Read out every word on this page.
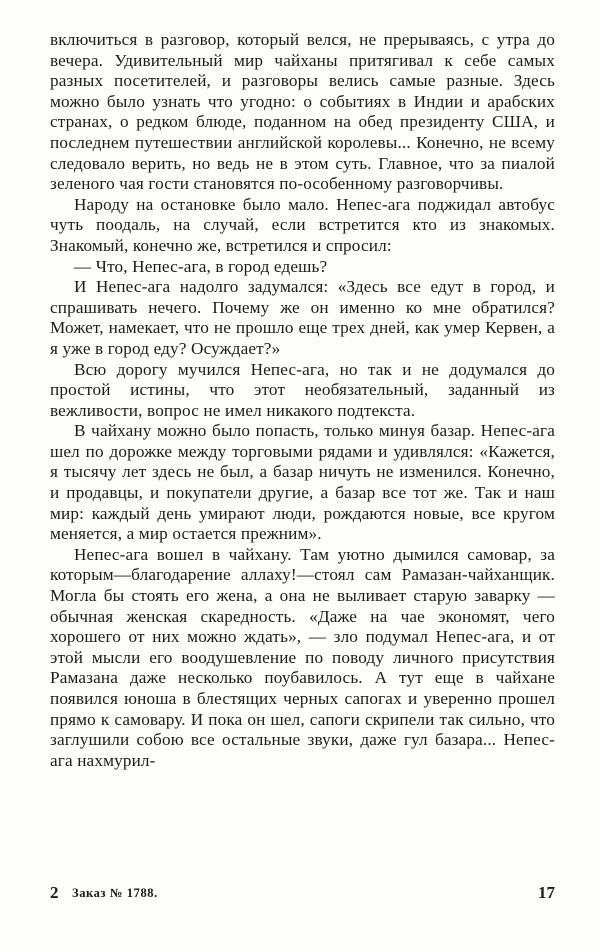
включиться в разговор, который велся, не прерываясь, с утра до вечера. Удивительный мир чайханы притягивал к себе самых разных посетителей, и разговоры велись самые разные. Здесь можно было узнать что угодно: о событиях в Индии и арабских странах, о редком блюде, поданном на обед президенту США, и последнем путешествии английской королевы... Конечно, не всему следовало верить, но ведь не в этом суть. Главное, что за пиалой зеленого чая гости становятся по-особенному разговорчивы.

Народу на остановке было мало. Непес-ага поджидал автобус чуть поодаль, на случай, если встретится кто из знакомых. Знакомый, конечно же, встретился и спросил:

— Что, Непес-ага, в город едешь?

И Непес-ага надолго задумался: «Здесь все едут в город, и спрашивать нечего. Почему же он именно ко мне обратился? Может, намекает, что не прошло еще трех дней, как умер Кервен, а я уже в город еду? Осуждает?»

Всю дорогу мучился Непес-ага, но так и не додумался до простой истины, что этот необязательный, заданный из вежливости, вопрос не имел никакого подтекста.

В чайхану можно было попасть, только минуя базар. Непес-ага шел по дорожке между торговыми рядами и удивлялся: «Кажется, я тысячу лет здесь не был, а базар ничуть не изменился. Конечно, и продавцы, и покупатели другие, а базар все тот же. Так и наш мир: каждый день умирают люди, рождаются новые, все кругом меняется, а мир остается прежним».

Непес-ага вошел в чайхану. Там уютно дымился самовар, за которым—благодарение аллаху!—стоял сам Рамазан-чайханщик. Могла бы стоять его жена, а она не выливает старую заварку — обычная женская скаредность. «Даже на чае экономят, чего хорошего от них можно ждать», — зло подумал Непес-ага, и от этой мысли его воодушевление по поводу личного присутствия Рамазана даже несколько поубавилось. А тут еще в чайхане появился юноша в блестящих черных сапогах и уверенно прошел прямо к самовару. И пока он шел, сапоги скрипели так сильно, что заглушили собою все остальные звуки, даже гул базара... Непес-ага нахмурил-

2 Заказ № 1788.	17
